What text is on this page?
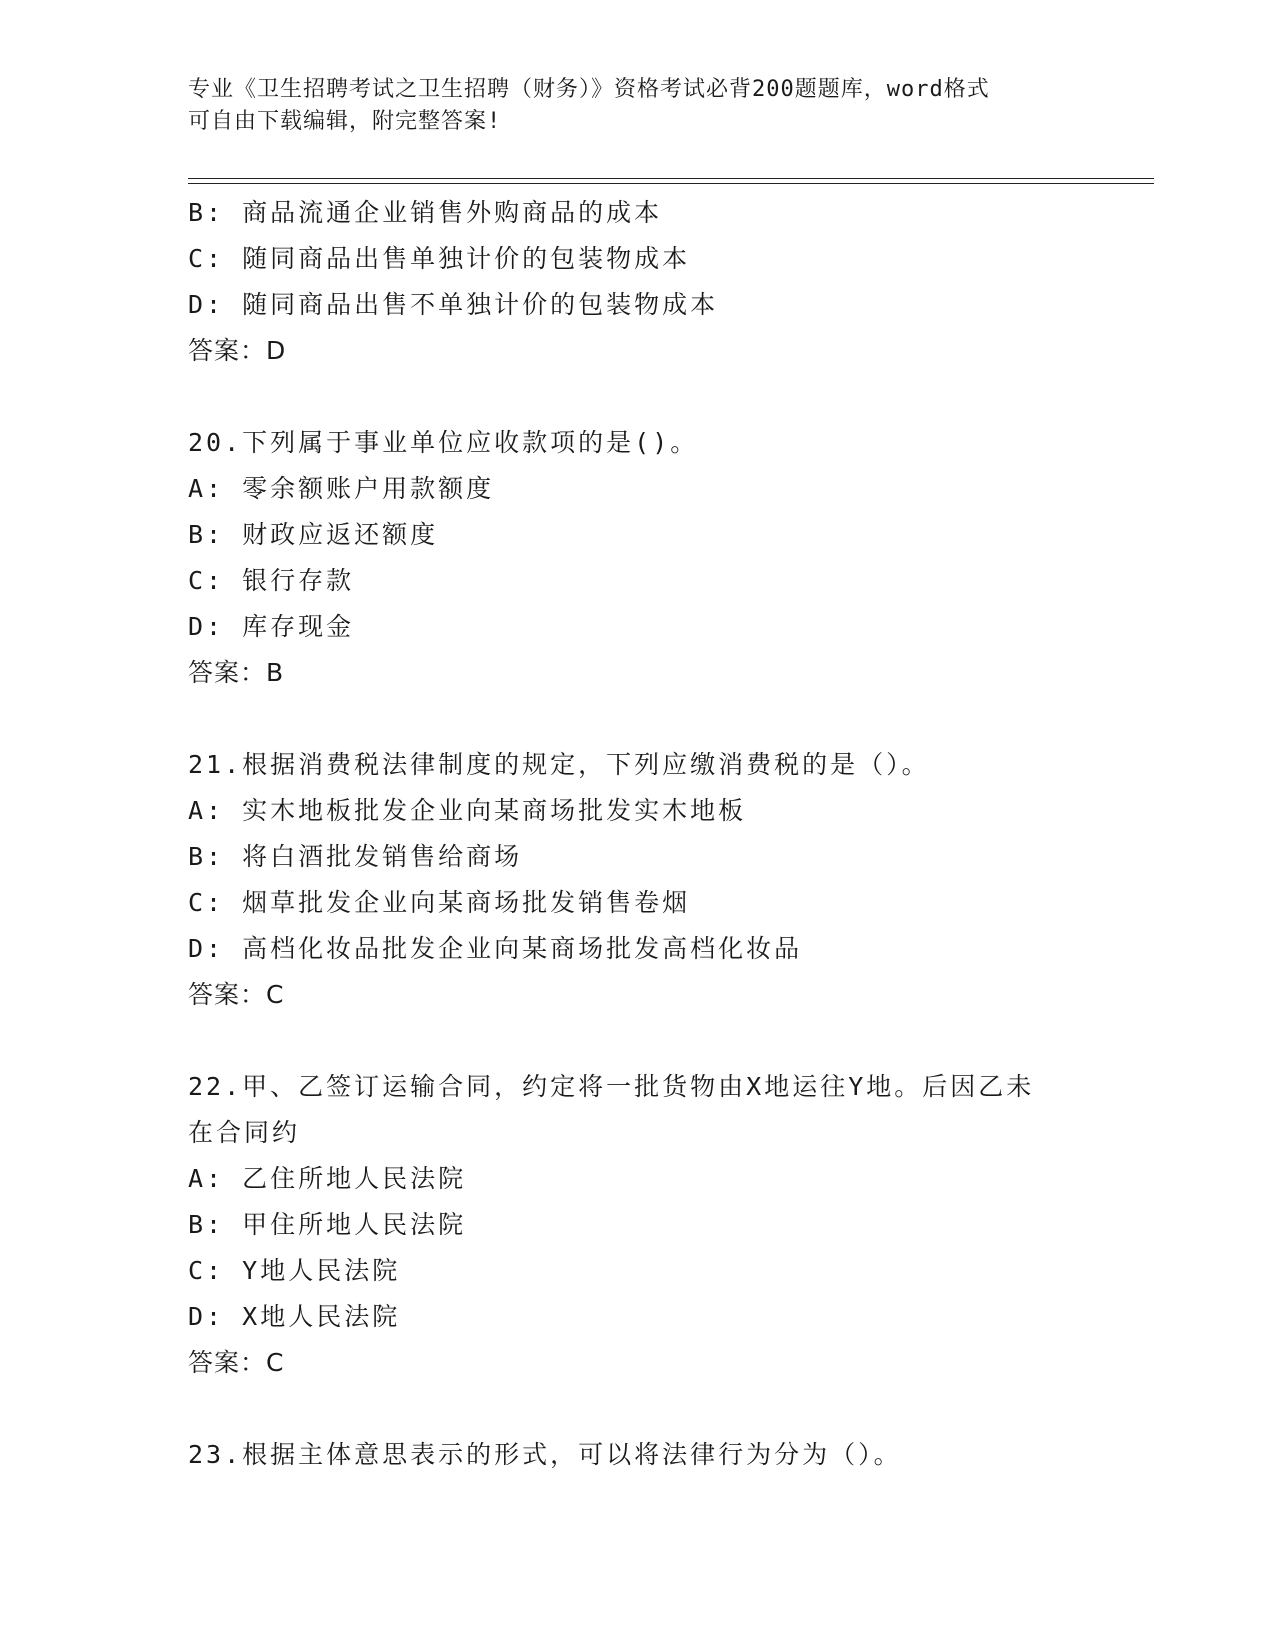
专业《卫生招聘考试之卫生招聘（财务）》资格考试必背200题题库，word格式
可自由下载编辑，附完整答案!
B: 商品流通企业销售外购商品的成本
C: 随同商品出售单独计价的包装物成本
D: 随同商品出售不单独计价的包装物成本
答案：D
20.下列属于事业单位应收款项的是()。
A: 零余额账户用款额度
B: 财政应返还额度
C: 银行存款
D: 库存现金
答案：B
21.根据消费税法律制度的规定，下列应缴消费税的是（）。
A: 实木地板批发企业向某商场批发实木地板
B: 将白酒批发销售给商场
C: 烟草批发企业向某商场批发销售卷烟
D: 高档化妆品批发企业向某商场批发高档化妆品
答案：C
22.甲、乙签订运输合同，约定将一批货物由X地运往Y地。后因乙未
在合同约
A: 乙住所地人民法院
B: 甲住所地人民法院
C: Y地人民法院
D: X地人民法院
答案：C
23.根据主体意思表示的形式，可以将法律行为分为（）。
